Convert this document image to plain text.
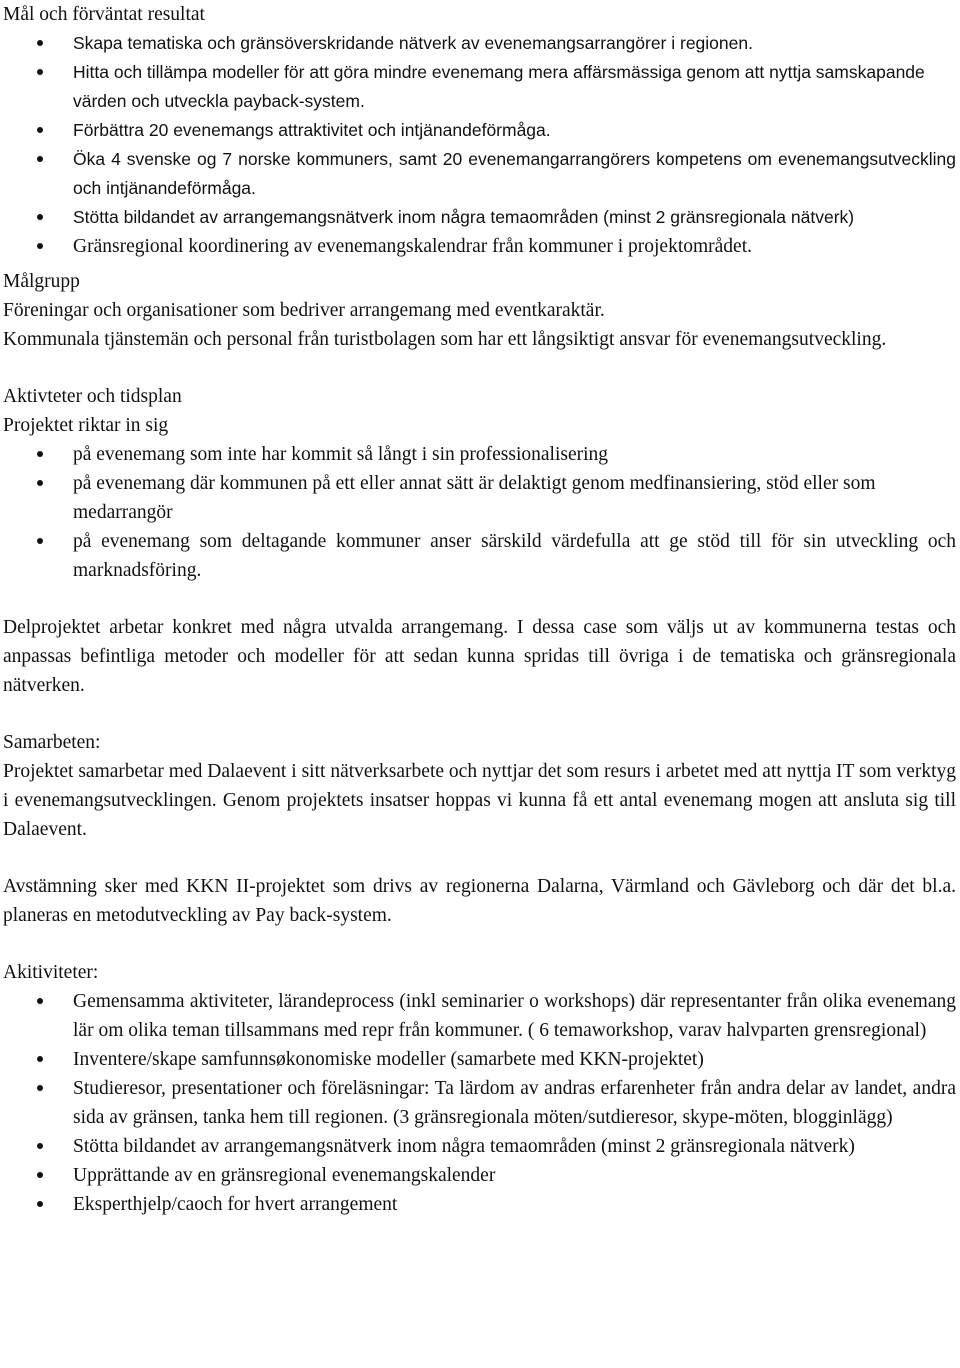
Mål och förväntat resultat

Skapa tematiska och gränsöverskridande nätverk av evenemangsarrangörer i regionen.
Hitta och tillämpa modeller för att göra mindre evenemang mera affärsmässiga genom att nyttja samskapande värden och utveckla payback-system.
Förbättra 20 evenemangs attraktivitet och intjänandeförmåga.
Öka 4 svenske og 7 norske kommuners, samt 20 evenemangarrangörers kompetens om evenemangsutveckling och intjänandeförmåga.
Stötta bildandet av arrangemangsnätverk inom några temaområden (minst 2 gränsregionala nätverk)
Gränsregional koordinering av evenemangskalendrar från kommuner i projektområdet.

Målgrupp

Föreningar och organisationer som bedriver arrangemang med eventkaraktär.

Kommunala tjänstemän och personal från turistbolagen som har ett långsiktigt ansvar för evenemangsutveckling.

Aktivteter och tidsplan

Projektet riktar in sig

på evenemang som inte har kommit så långt i sin professionalisering
på evenemang där kommunen på ett eller annat sätt är delaktigt genom medfinansiering, stöd eller som medarrangör
på evenemang som deltagande kommuner anser särskild värdefulla att ge stöd till för sin utveckling och marknadsföring.

Delprojektet arbetar konkret med några utvalda arrangemang. I dessa case som väljs ut av kommunerna testas och anpassas befintliga metoder och modeller för att sedan kunna spridas till övriga i de tematiska och gränsregionala nätverken.

Samarbeten:

Projektet samarbetar med Dalaevent i sitt nätverksarbete och nyttjar det som resurs i arbetet med att nyttja IT som verktyg i evenemangsutvecklingen. Genom projektets insatser hoppas vi kunna få ett antal evenemang mogen att ansluta sig till Dalaevent.

Avstämning sker med KKN II-projektet som drivs av regionerna Dalarna, Värmland och Gävleborg och där det bl.a. planeras en metodutveckling av Pay back-system.

Akitiviteter:

Gemensamma aktiviteter, lärandeprocess (inkl seminarier o workshops) där representanter från olika evenemang lär om olika teman tillsammans med repr från kommuner. ( 6 temaworkshop, varav halvparten grensregional)
Inventere/skape samfunnsøkonomiske modeller (samarbete med KKN-projektet)
Studieresor, presentationer och föreläsningar: Ta lärdom av andras erfarenheter från andra delar av landet, andra sida av gränsen, tanka hem till regionen. (3 gränsregionala möten/sutdieresor, skype-möten, blogginlägg)
Stötta bildandet av arrangemangsnätverk inom några temaområden (minst 2 gränsregionala nätverk)
Upprättande av en gränsregional evenemangskalender
Eksperthjelp/caoch for hvert arrangement
